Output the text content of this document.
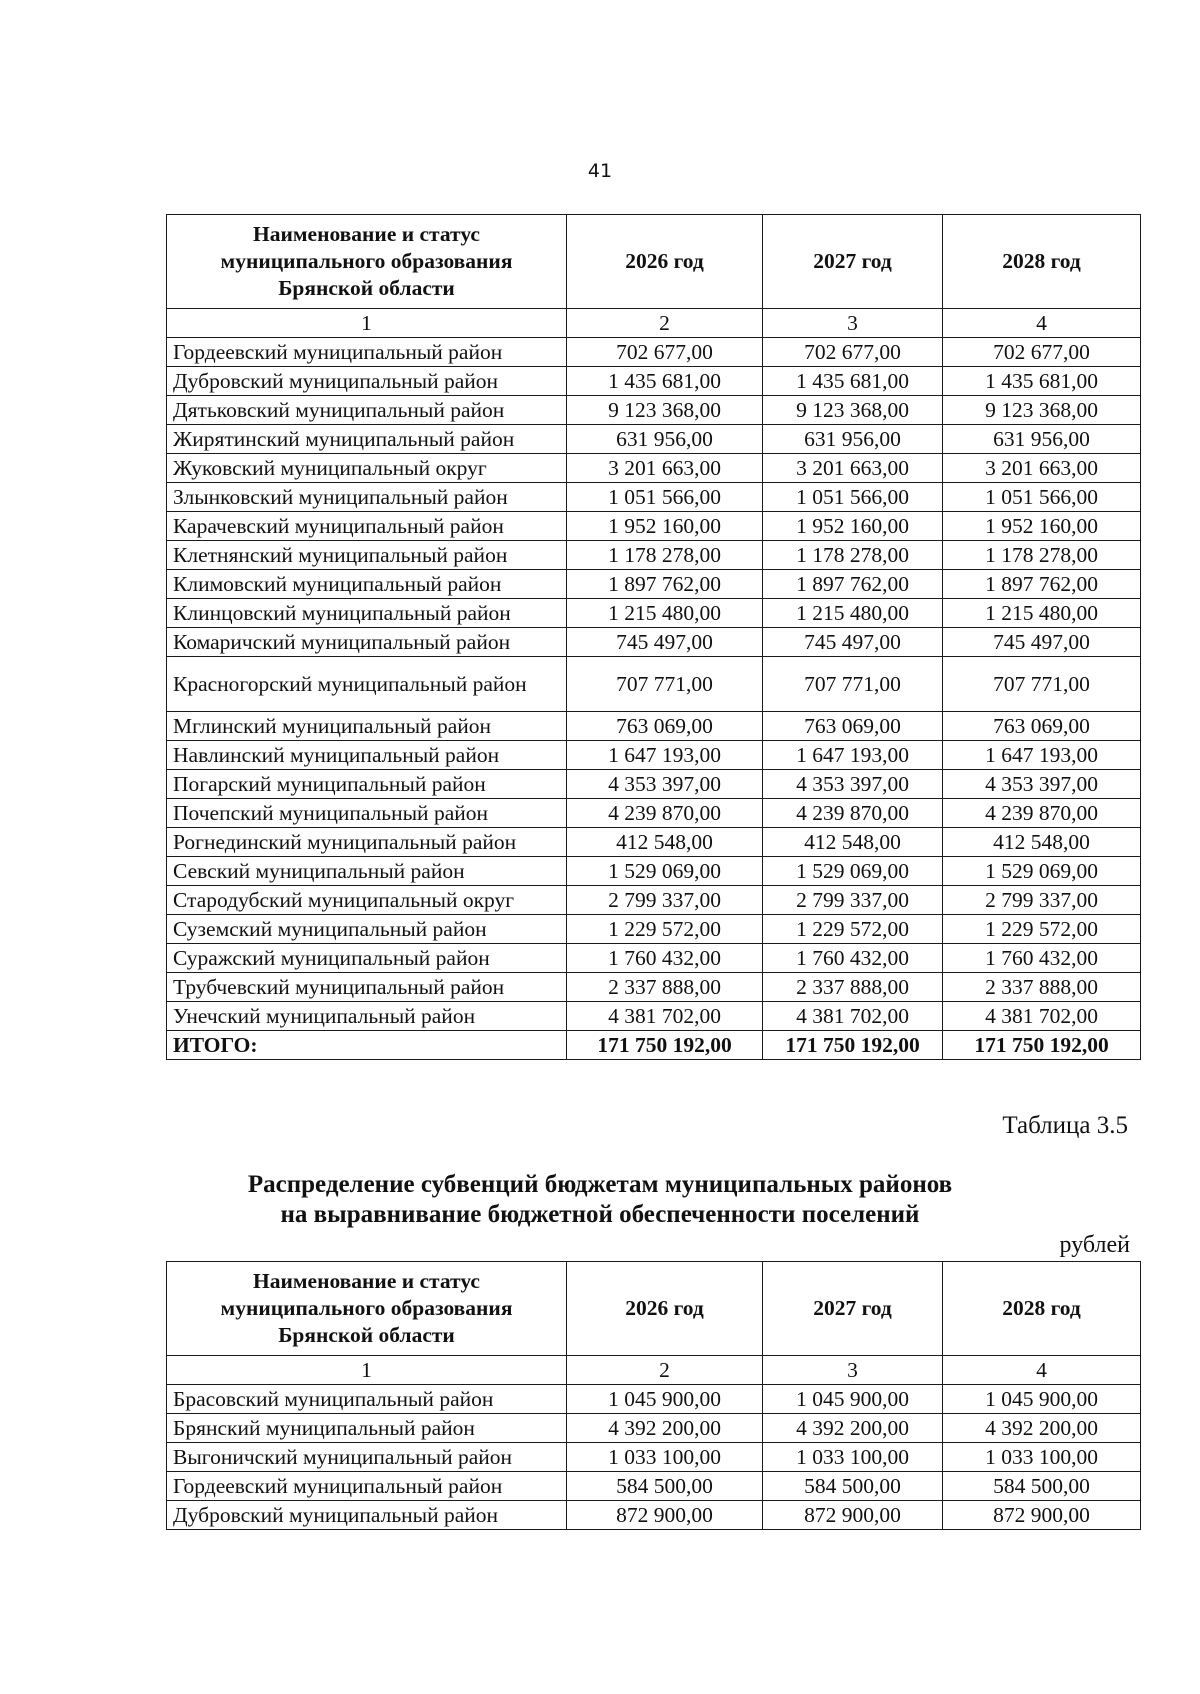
41
Наименование и статус муниципального образования Брянской области	2026 год	2027 год	2028 год
1	2	3	4
Гордеевский муниципальный район	702 677,00	702 677,00	702 677,00
Дубровский муниципальный район	1 435 681,00	1 435 681,00	1 435 681,00
Дятьковский муниципальный район	9 123 368,00	9 123 368,00	9 123 368,00
Жирятинский муниципальный район	631 956,00	631 956,00	631 956,00
Жуковский муниципальный округ	3 201 663,00	3 201 663,00	3 201 663,00
Злынковский муниципальный район	1 051 566,00	1 051 566,00	1 051 566,00
Карачевский муниципальный район	1 952 160,00	1 952 160,00	1 952 160,00
Клетнянский муниципальный район	1 178 278,00	1 178 278,00	1 178 278,00
Климовский муниципальный район	1 897 762,00	1 897 762,00	1 897 762,00
Клинцовский муниципальный район	1 215 480,00	1 215 480,00	1 215 480,00
Комаричский муниципальный район	745 497,00	745 497,00	745 497,00
Красногорский муниципальный район	707 771,00	707 771,00	707 771,00
Мглинский муниципальный район	763 069,00	763 069,00	763 069,00
Навлинский муниципальный район	1 647 193,00	1 647 193,00	1 647 193,00
Погарский муниципальный район	4 353 397,00	4 353 397,00	4 353 397,00
Почепский муниципальный район	4 239 870,00	4 239 870,00	4 239 870,00
Рогнединский муниципальный район	412 548,00	412 548,00	412 548,00
Севский муниципальный район	1 529 069,00	1 529 069,00	1 529 069,00
Стародубский муниципальный округ	2 799 337,00	2 799 337,00	2 799 337,00
Суземский муниципальный район	1 229 572,00	1 229 572,00	1 229 572,00
Суражский муниципальный район	1 760 432,00	1 760 432,00	1 760 432,00
Трубчевский муниципальный район	2 337 888,00	2 337 888,00	2 337 888,00
Унечский муниципальный район	4 381 702,00	4 381 702,00	4 381 702,00
ИТОГО:	171 750 192,00	171 750 192,00	171 750 192,00
Таблица 3.5
Распределение субвенций бюджетам муниципальных районов
на выравнивание бюджетной обеспеченности поселений
рублей
Наименование и статус муниципального образования Брянской области	2026 год	2027 год	2028 год
1	2	3	4
Брасовский муниципальный район	1 045 900,00	1 045 900,00	1 045 900,00
Брянский муниципальный район	4 392 200,00	4 392 200,00	4 392 200,00
Выгоничский муниципальный район	1 033 100,00	1 033 100,00	1 033 100,00
Гордеевский муниципальный район	584 500,00	584 500,00	584 500,00
Дубровский муниципальный район	872 900,00	872 900,00	872 900,00
